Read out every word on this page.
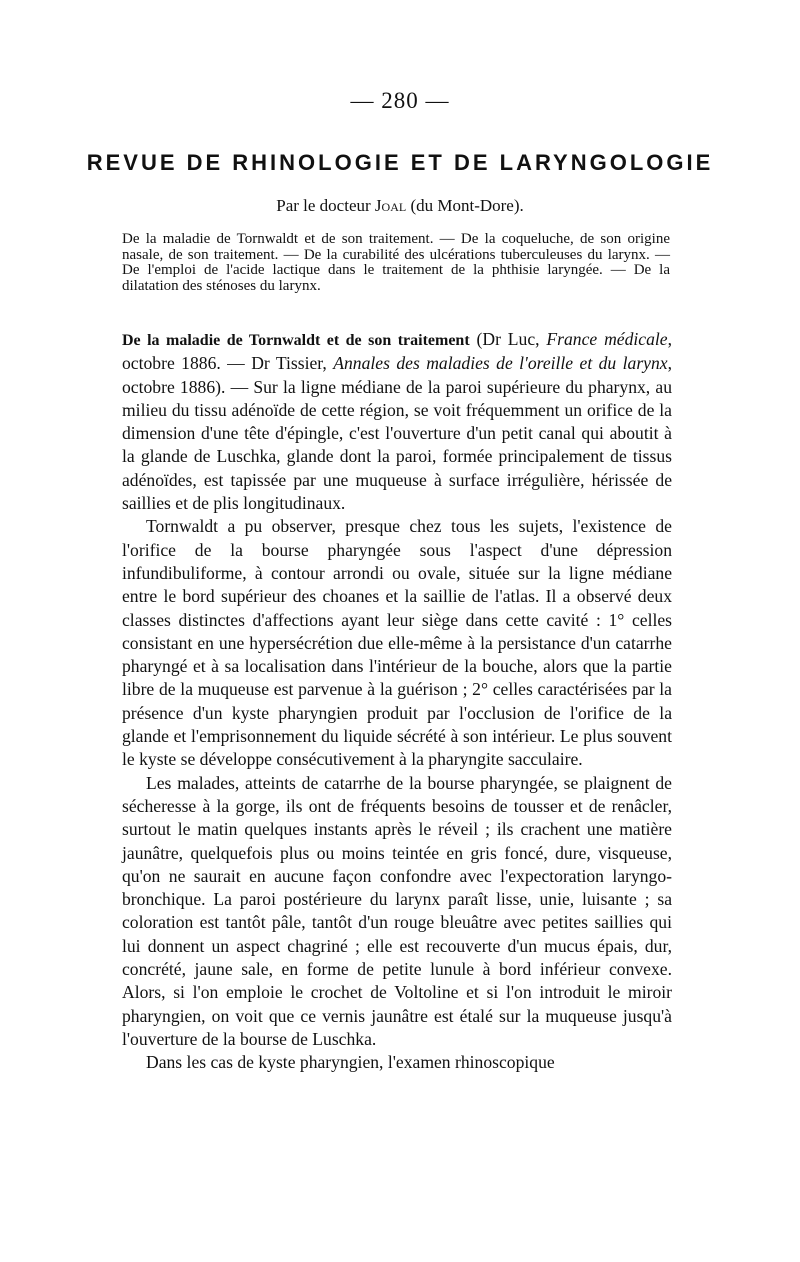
— 280 —
REVUE DE RHINOLOGIE ET DE LARYNGOLOGIE
Par le docteur Joal (du Mont-Dore).

De la maladie de Tornwaldt et de son traitement. — De la coqueluche, de son origine nasale, de son traitement. — De la curabilité des ulcérations tuberculeuses du larynx. — De l'emploi de l'acide lactique dans le traitement de la phthisie laryngée. — De la dilatation des sténoses du larynx.

De la maladie de Tornwaldt et de son traitement (Dr Luc, France médicale, octobre 1886. — Dr Tissier, Annales des maladies de l'oreille et du larynx, octobre 1886). — Sur la ligne médiane de la paroi supérieure du pharynx, au milieu du tissu adénoïde de cette région, se voit fréquemment un orifice de la dimension d'une tête d'épingle, c'est l'ouverture d'un petit canal qui aboutit à la glande de Luschka, glande dont la paroi, formée principalement de tissus adénoïdes, est tapissée par une muqueuse à surface irrégulière, hérissée de saillies et de plis longitudinaux.

Tornwaldt a pu observer, presque chez tous les sujets, l'existence de l'orifice de la bourse pharyngée sous l'aspect d'une dépression infundibuliforme, à contour arrondi ou ovale, située sur la ligne médiane entre le bord supérieur des choanes et la saillie de l'atlas. Il a observé deux classes distinctes d'affections ayant leur siège dans cette cavité : 1° celles consistant en une hypersécrétion due elle-même à la persistance d'un catarrhe pharyngé et à sa localisation dans l'intérieur de la bouche, alors que la partie libre de la muqueuse est parvenue à la guérison ; 2° celles caractérisées par la présence d'un kyste pharyngien produit par l'occlusion de l'orifice de la glande et l'emprisonnement du liquide sécrété à son intérieur. Le plus souvent le kyste se développe consécutivement à la pharyngite sacculaire.

Les malades, atteints de catarrhe de la bourse pharyngée, se plaignent de sécheresse à la gorge, ils ont de fréquents besoins de tousser et de renâcler, surtout le matin quelques instants après le réveil ; ils crachent une matière jaunâtre, quelquefois plus ou moins teintée en gris foncé, dure, visqueuse, qu'on ne saurait en aucune façon confondre avec l'expectoration laryngo-bronchique. La paroi postérieure du larynx paraît lisse, unie, luisante ; sa coloration est tantôt pâle, tantôt d'un rouge bleuâtre avec petites saillies qui lui donnent un aspect chagriné ; elle est recouverte d'un mucus épais, dur, concrété, jaune sale, en forme de petite lunule à bord inférieur convexe. Alors, si l'on emploie le crochet de Voltoline et si l'on introduit le miroir pharyngien, on voit que ce vernis jaunâtre est étalé sur la muqueuse jusqu'à l'ouverture de la bourse de Luschka.

Dans les cas de kyste pharyngien, l'examen rhinoscopique
